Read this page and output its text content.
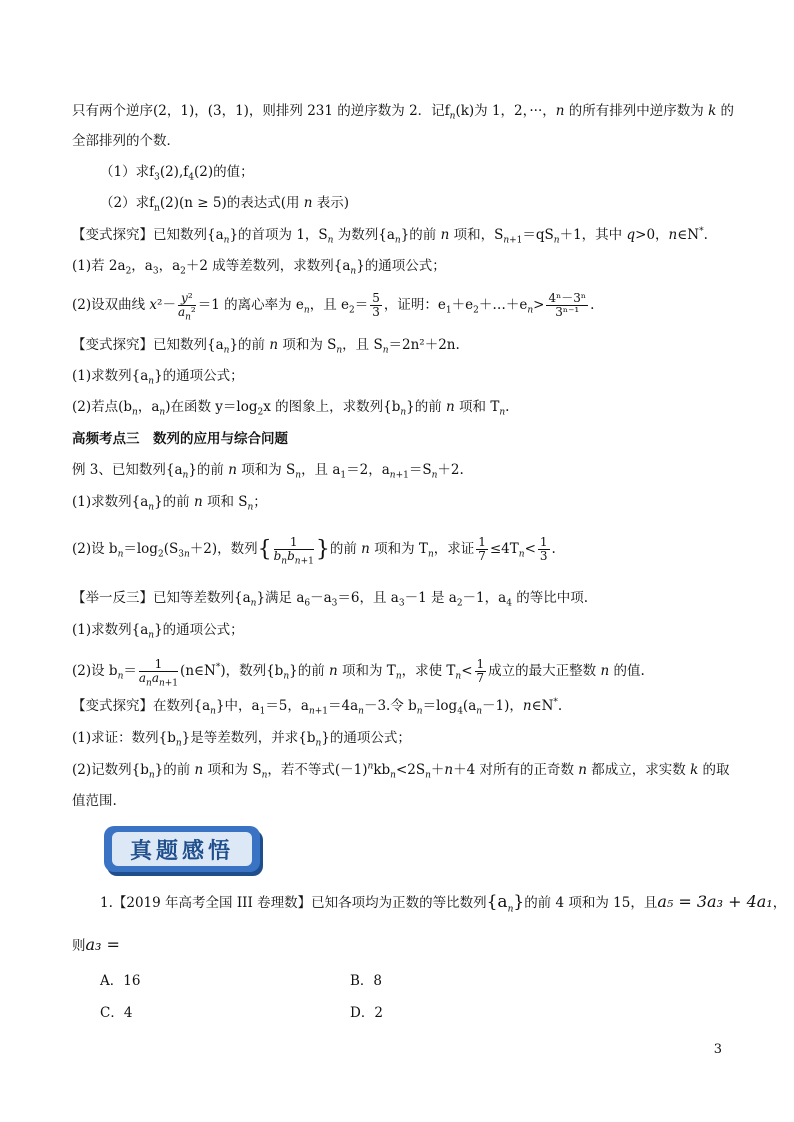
只有两个逆序(2，1)，(3，1)，则排列 231 的逆序数为 2．记$f_n(k)$为 1，2，···，n 的所有排列中逆序数为 k 的
全部排列的个数．
（1）求$f_3(2),f_4(2)$的值；
（2）求$f_n(2)(n \ge 5)$的表达式(用 n 表示)
【变式探究】已知数列$\{a_n\}$的首项为 1，$S_n$ 为数列$\{a_n\}$的前 n 项和，$S_{n+1}=qS_n+1$，其中 q>0，n∈N*.
(1)若 $2a_2$，$a_3$，$a_2+2$ 成等差数列，求数列$\{a_n\}$的通项公式；
(2)设双曲线 $x^2- \frac{\text{y²}}{a_n^2} =1$ 的离心率为 $e_n$，且 $e_2= \frac{5}{3}$ ，证明：$e_1+e_2+\dots+e_n> \frac{\text{4ⁿ－3ⁿ}}{\text{3ⁿ⁻¹}}$ .
【变式探究】已知数列$\{a_n\}$的前 n 项和为 $S_n$，且 $S_n=2n^2+2n$.
(1)求数列$\{a_n\}$的通项公式；
(2)若点($b_n$，$a_n$)在函数 $y=\log_2x$ 的图象上，求数列$\{b_n\}$的前 n 项和 $T_n$.
高频考点三　数列的应用与综合问题
例 3、已知数列$\{a_n\}$的前 n 项和为 $S_n$，且 $a_1=2$，$a_{n+1}=S_n+2$.
(1)求数列$\{a_n\}$的前 n 项和 $S_n$；
(2)设 $b_n=\log_2(S_{3n}+2)$，数列{ $\frac{1}{b_nb_{n+1}}$ }的前 n 项和为 $T_n$，求证 $\frac{1}{7} \le 4T_n< \frac{1}{3}$ .
【举一反三】已知等差数列$\{a_n\}$满足 $a_6-a_3=6$，且 $a_3-1$ 是 $a_2-1$，$a_4$ 的等比中项.
(1)求数列$\{a_n\}$的通项公式；
(2)设 $b_n= \frac{1}{a_na_{n+1}}$ (n∈N*)，数列$\{b_n\}$的前 n 项和为 $T_n$，求使 $T_n< \frac{1}{7}$ 成立的最大正整数 n 的值.
【变式探究】在数列$\{a_n\}$中，$a_1=5$，$a_{n+1}=4a_n-3$.令 $b_n=\log_4(a_n-1)$，n∈N*.
(1)求证：数列$\{b_n\}$是等差数列，并求$\{b_n\}$的通项公式；
(2)记数列$\{b_n\}$的前 n 项和为 $S_n$，若不等式$(-1)^nkb_n<2S_n+n+4$ 对所有的正奇数 n 都成立，求实数 k 的取
值范围.
真题感悟
1.【2019 年高考全国 III 卷理数】已知各项均为正数的等比数列$\{a_n\}$的前 4 项和为 15，且a₅ = 3a₃ + 4a₁，
则a₃ =
A．16	B．8
C．4	D．2
3
